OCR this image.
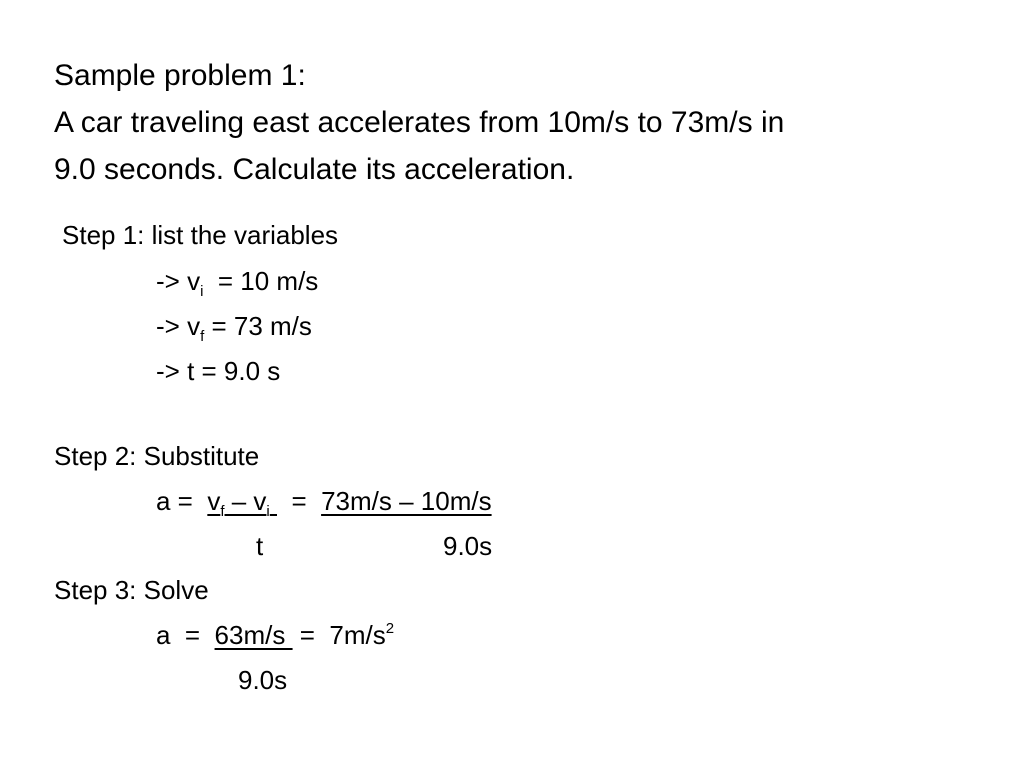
Sample problem 1:
A car traveling east accelerates from 10m/s to 73m/s in
9.0 seconds. Calculate its acceleration.
Step 1: list the variables
-> $v_i = 10$ m/s
-> $v_f = 73$ m/s
-> t = 9.0 s
Step 2: Substitute
$a = v_f - v_i = 73m/s - 10m/s$
t	9.0s
Step 3: Solve
$a = 63m/s = 7m/s^2$
9.0s
